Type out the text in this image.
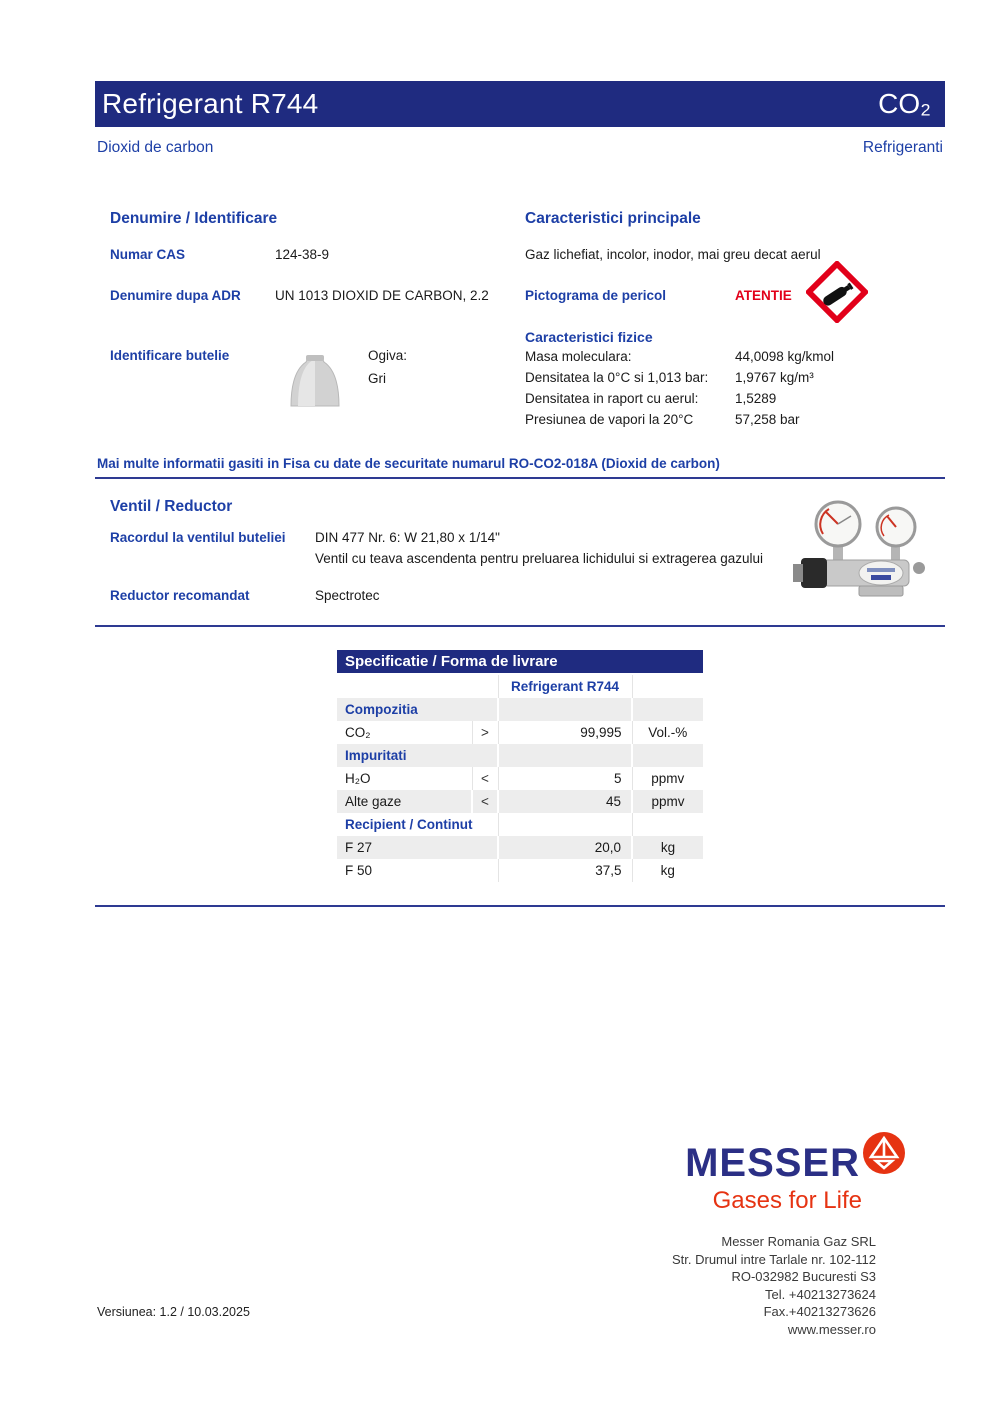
Refrigerant R744	CO₂
Dioxid de carbon	Refrigeranti
Denumire / Identificare
Numar CAS	124-38-9
Denumire dupa ADR	UN 1013 DIOXID DE CARBON, 2.2
Identificare butelie	Ogiva:
Gri
Caracteristici principale
Gaz lichefiat, incolor, inodor, mai greu decat aerul
Pictograma de pericol	ATENTIE
Caracteristici fizice
Masa moleculara:	44,0098 kg/kmol
Densitatea la 0°C si 1,013 bar: 1,9767 kg/m³
Densitatea in raport cu aerul:	1,5289
Presiunea de vapori la 20°C	57,258 bar
Mai multe informatii gasiti in Fisa cu date de securitate numarul RO-CO2-018A (Dioxid de carbon)
Ventil / Reductor
Racordul la ventilul buteliei DIN 477 Nr. 6: W 21,80 x 1/14"
Ventil cu teava ascendenta pentru preluarea lichidului si extragerea gazului
Reductor recomandat	Spectrotec
Specificatie / Forma de livrare
		Refrigerant R744	
Compozitia			
CO₂	>	99,995	Vol.-%
Impuritati			
H₂O	<	5	ppmv
Alte gaze	<	45	ppmv
Recipient / Continut			
F 27		20,0	kg
F 50		37,5	kg
MESSER
Gases for Life
Messer Romania Gaz SRL
Str. Drumul intre Tarlale nr. 102-112
RO-032982 Bucuresti S3
Tel. +40213273624
Fax.+40213273626
www.messer.ro
Versiunea: 1.2 / 10.03.2025
